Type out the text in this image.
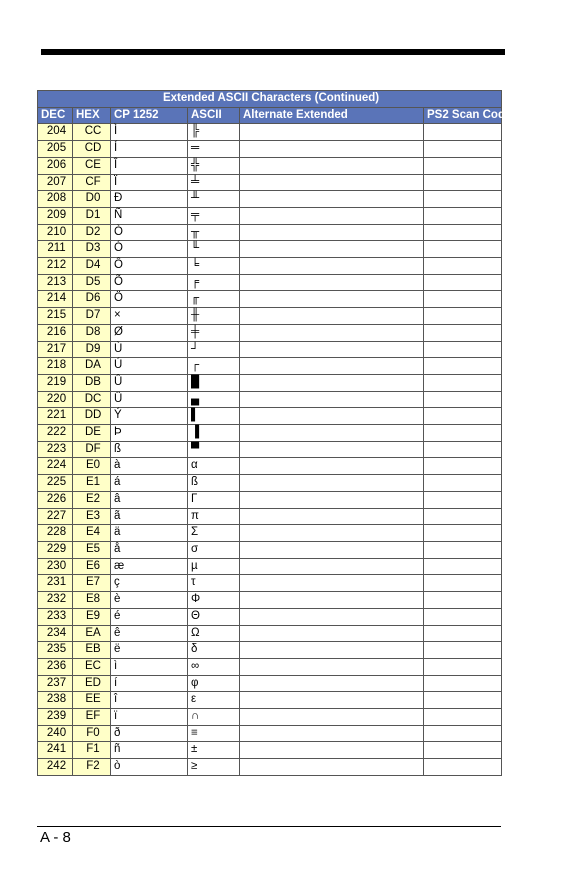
Extended ASCII Characters (Continued)					
DEC	HEX	CP 1252	ASCII	Alternate Extended	PS2 Scan Code
204	CC	Ì	╠		
205	CD	Í	═		
206	CE	Î	╬		
207	CF	Ï	╧		
208	D0	Ð	╨		
209	D1	Ñ	╤		
210	D2	Ò	╥		
211	D3	Ó	╙		
212	D4	Ô	╘		
213	D5	Õ	╒		
214	D6	Ö	╓		
215	D7	×	╫		
216	D8	Ø	╪		
217	D9	Ù	┘		
218	DA	Ú	┌		
219	DB	Û	█		
220	DC	Ü	▄		
221	DD	Ý	▌		
222	DE	Þ	▐		
223	DF	ß	▀		
224	E0	à	α		
225	E1	á	ß		
226	E2	â	Γ		
227	E3	ã	π		
228	E4	ä	Σ		
229	E5	å	σ		
230	E6	æ	µ		
231	E7	ç	τ		
232	E8	è	Φ		
233	E9	é	Θ		
234	EA	ê	Ω		
235	EB	ë	δ		
236	EC	ì	∞		
237	ED	í	φ		
238	EE	î	ε		
239	EF	ï	∩		
240	F0	ð	≡		
241	F1	ñ	±		
242	F2	ò	≥		
A - 8
